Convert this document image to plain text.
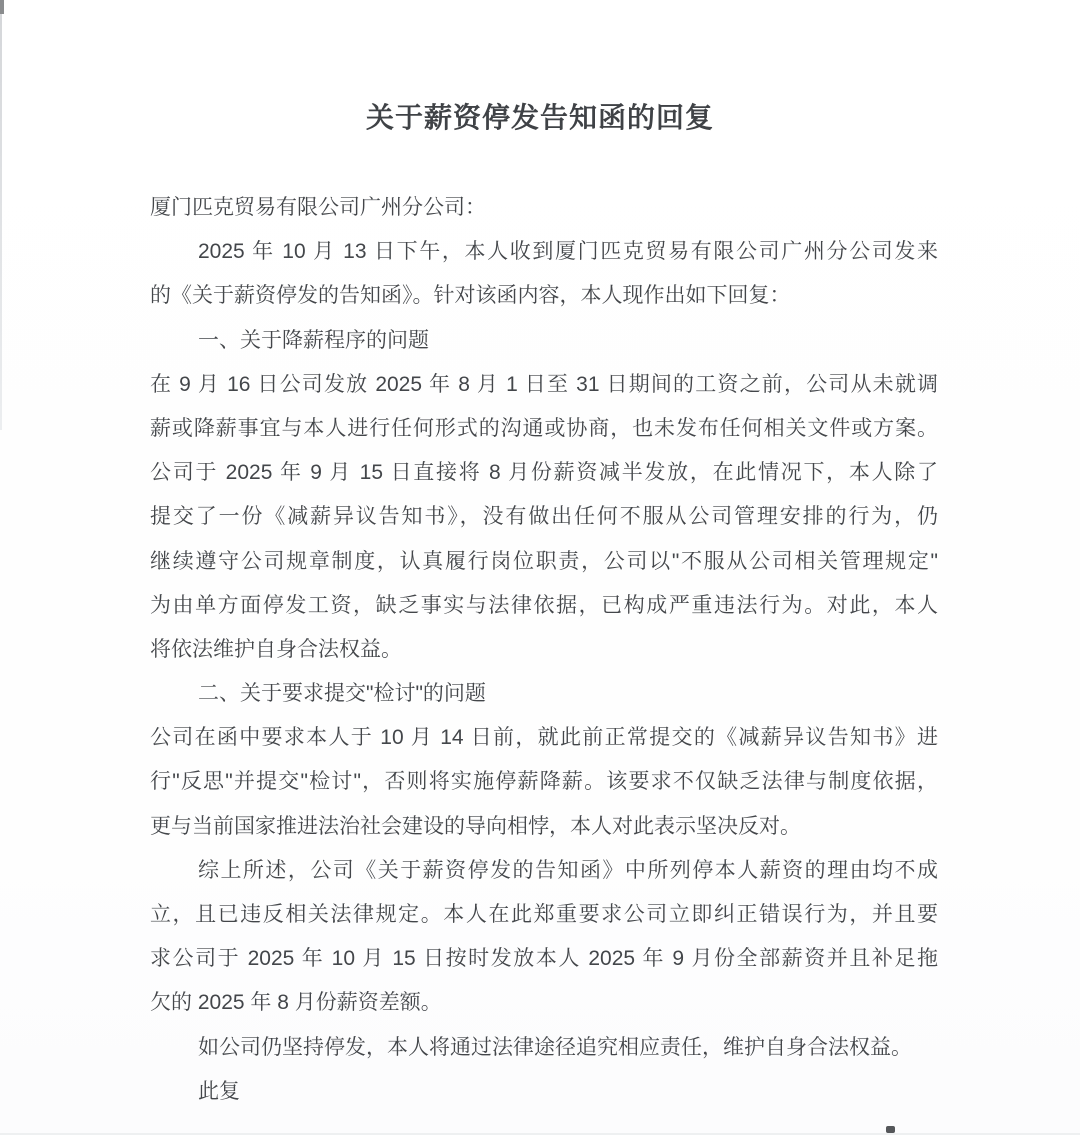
关于薪资停发告知函的回复
厦门匹克贸易有限公司广州分公司：
2025 年 10 月 13 日下午，本人收到厦门匹克贸易有限公司广州分公司发来
的《关于薪资停发的告知函》。针对该函内容，本人现作出如下回复：
一、关于降薪程序的问题
在 9 月 16 日公司发放 2025 年 8 月 1 日至 31 日期间的工资之前，公司从未就调
薪或降薪事宜与本人进行任何形式的沟通或协商，也未发布任何相关文件或方案。
公司于 2025 年 9 月 15 日直接将 8 月份薪资减半发放，在此情况下，本人除了
提交了一份《减薪异议告知书》，没有做出任何不服从公司管理安排的行为，仍
继续遵守公司规章制度，认真履行岗位职责，公司以"不服从公司相关管理规定"
为由单方面停发工资，缺乏事实与法律依据，已构成严重违法行为。对此，本人
将依法维护自身合法权益。
二、关于要求提交"检讨"的问题
公司在函中要求本人于 10 月 14 日前，就此前正常提交的《减薪异议告知书》进
行"反思"并提交"检讨"，否则将实施停薪降薪。该要求不仅缺乏法律与制度依据，
更与当前国家推进法治社会建设的导向相悖，本人对此表示坚决反对。
综上所述，公司《关于薪资停发的告知函》中所列停本人薪资的理由均不成
立，且已违反相关法律规定。本人在此郑重要求公司立即纠正错误行为，并且要
求公司于 2025 年 10 月 15 日按时发放本人 2025 年 9 月份全部薪资并且补足拖
欠的 2025 年 8 月份薪资差额。
如公司仍坚持停发，本人将通过法律途径追究相应责任，维护自身合法权益。
此复
